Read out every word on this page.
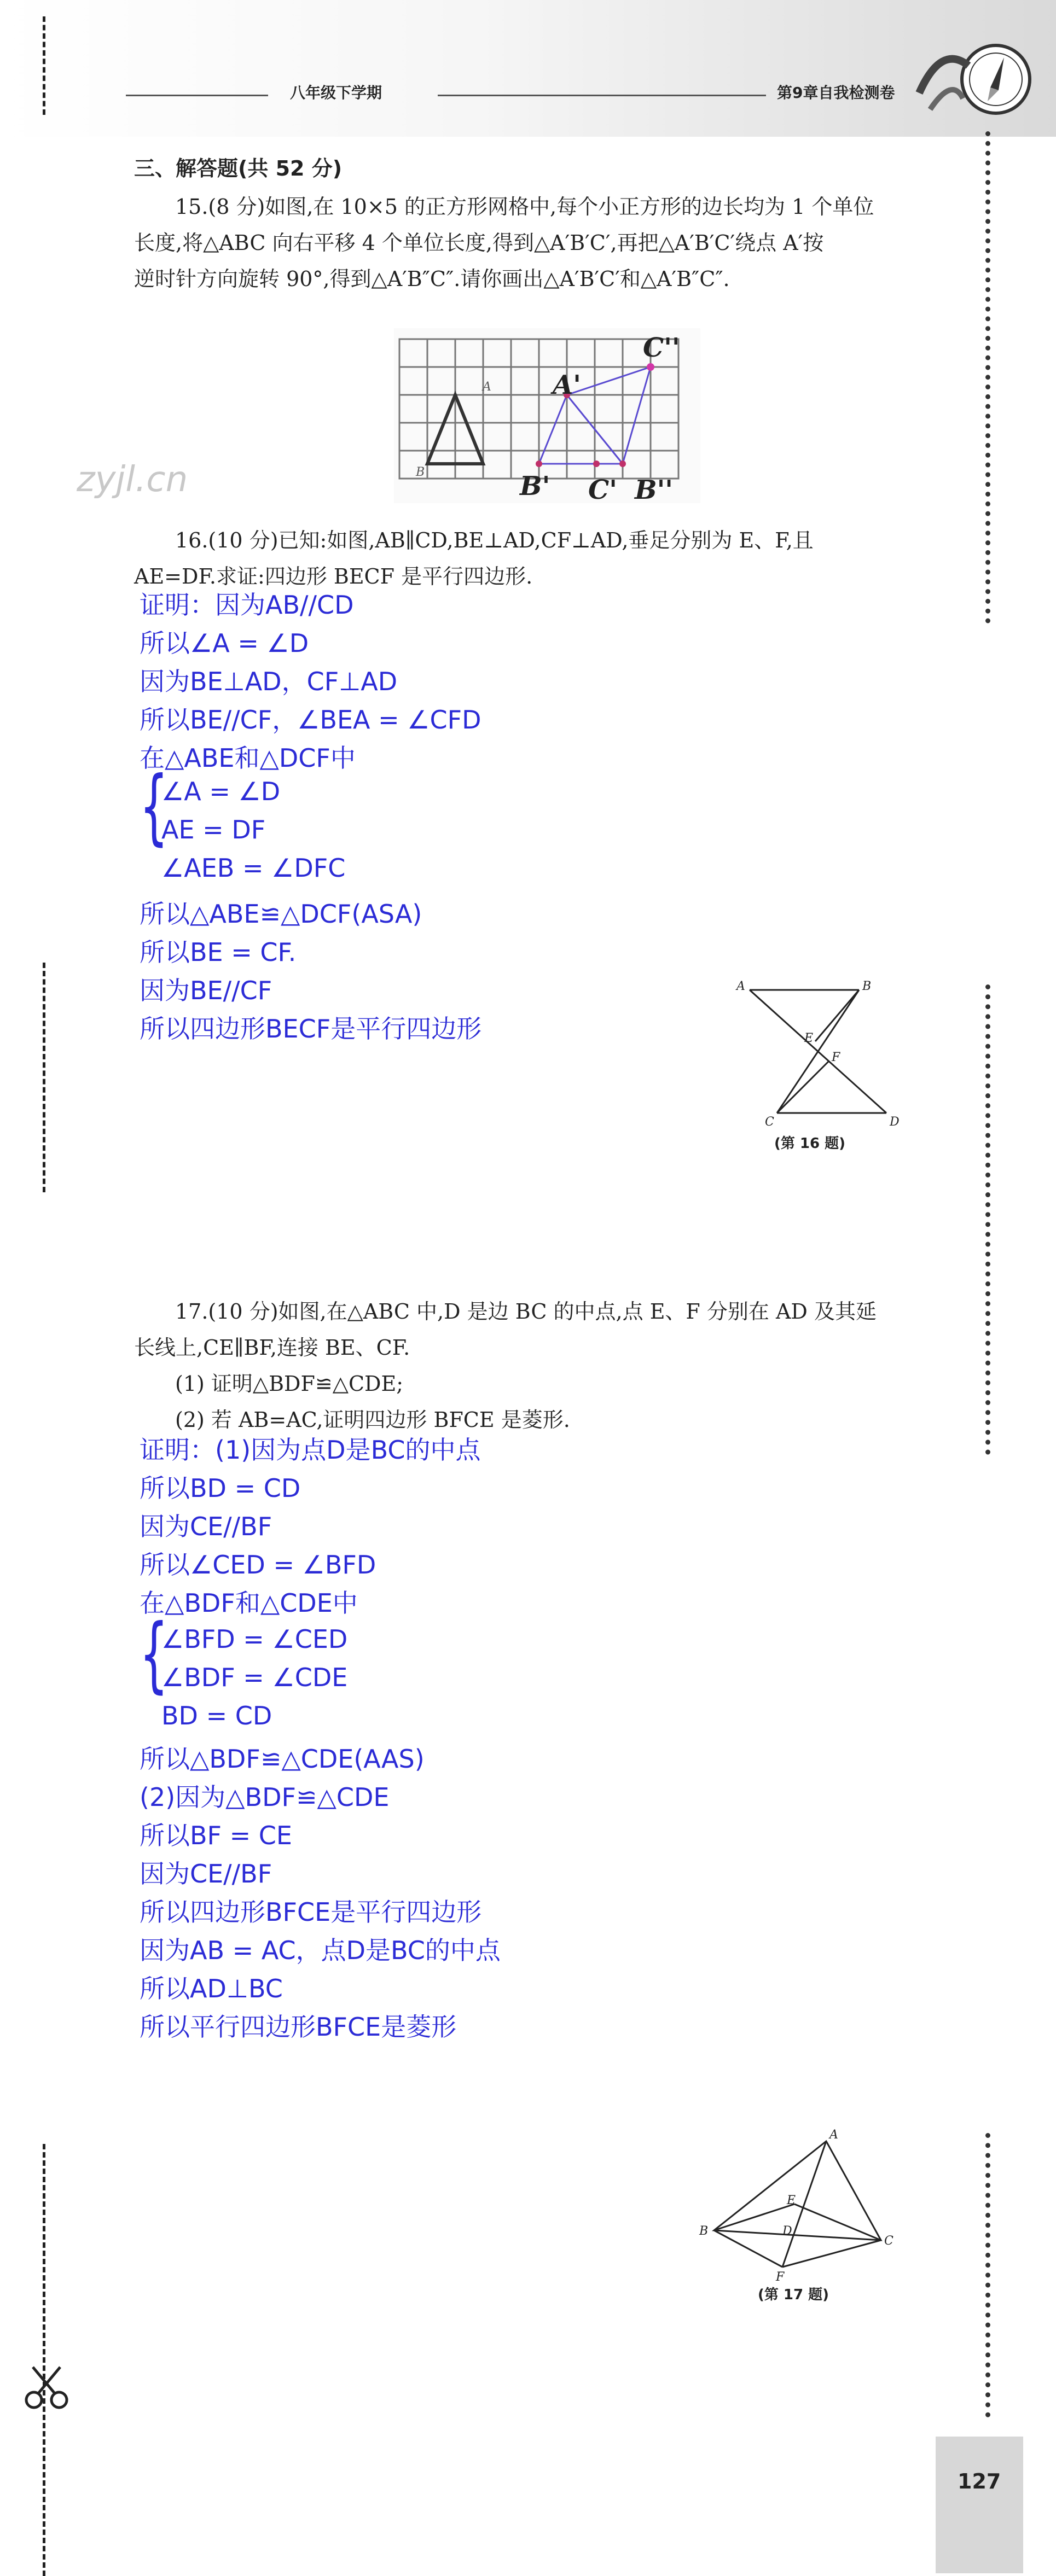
八年级下学期	第9章自我检测卷
三、解答题(共 52 分)
15.(8 分)如图,在 10×5 的正方形网格中,每个小正方形的边长均为 1 个单位
长度,将△ABC 向右平移 4 个单位长度,得到△A′B′C′,再把△A′B′C′绕点 A′按
逆时针方向旋转 90°,得到△A′B″C″.请你画出△A′B′C′和△A′B″C″.
A
B
A'
C''
B' C' B''
zyjl.cn
16.(10 分)已知:如图,AB∥CD,BE⊥AD,CF⊥AD,垂足分别为 E、F,且
AE=DF.求证:四边形 BECF 是平行四边形.
证明：因为AB//CD
所以∠A = ∠D
因为BE⊥AD，CF⊥AD
所以BE//CF，∠BEA = ∠CFD
在△ABE和△DCF中
{
∠A = ∠D
AE = DF
∠AEB = ∠DFC
所以△ABE≌△DCF(ASA)
所以BE = CF.
因为BE//CF
所以四边形BECF是平行四边形
A	B
C	D
E
F
(第 16 题)
17.(10 分)如图,在△ABC 中,D 是边 BC 的中点,点 E、F 分别在 AD 及其延
长线上,CE∥BF,连接 BE、CF.
(1) 证明△BDF≌△CDE;
(2) 若 AB=AC,证明四边形 BFCE 是菱形.
证明：(1)因为点D是BC的中点
所以BD = CD
因为CE//BF
所以∠CED = ∠BFD
在△BDF和△CDE中
{
∠BFD = ∠CED
∠BDF = ∠CDE
BD = CD
所以△BDF≌△CDE(AAS)
(2)因为△BDF≌△CDE
所以BF = CE
因为CE//BF
所以四边形BFCE是平行四边形
因为AB = AC，点D是BC的中点
所以AD⊥BC
所以平行四边形BFCE是菱形
A
B
C
D
E
F
(第 17 题)
127
